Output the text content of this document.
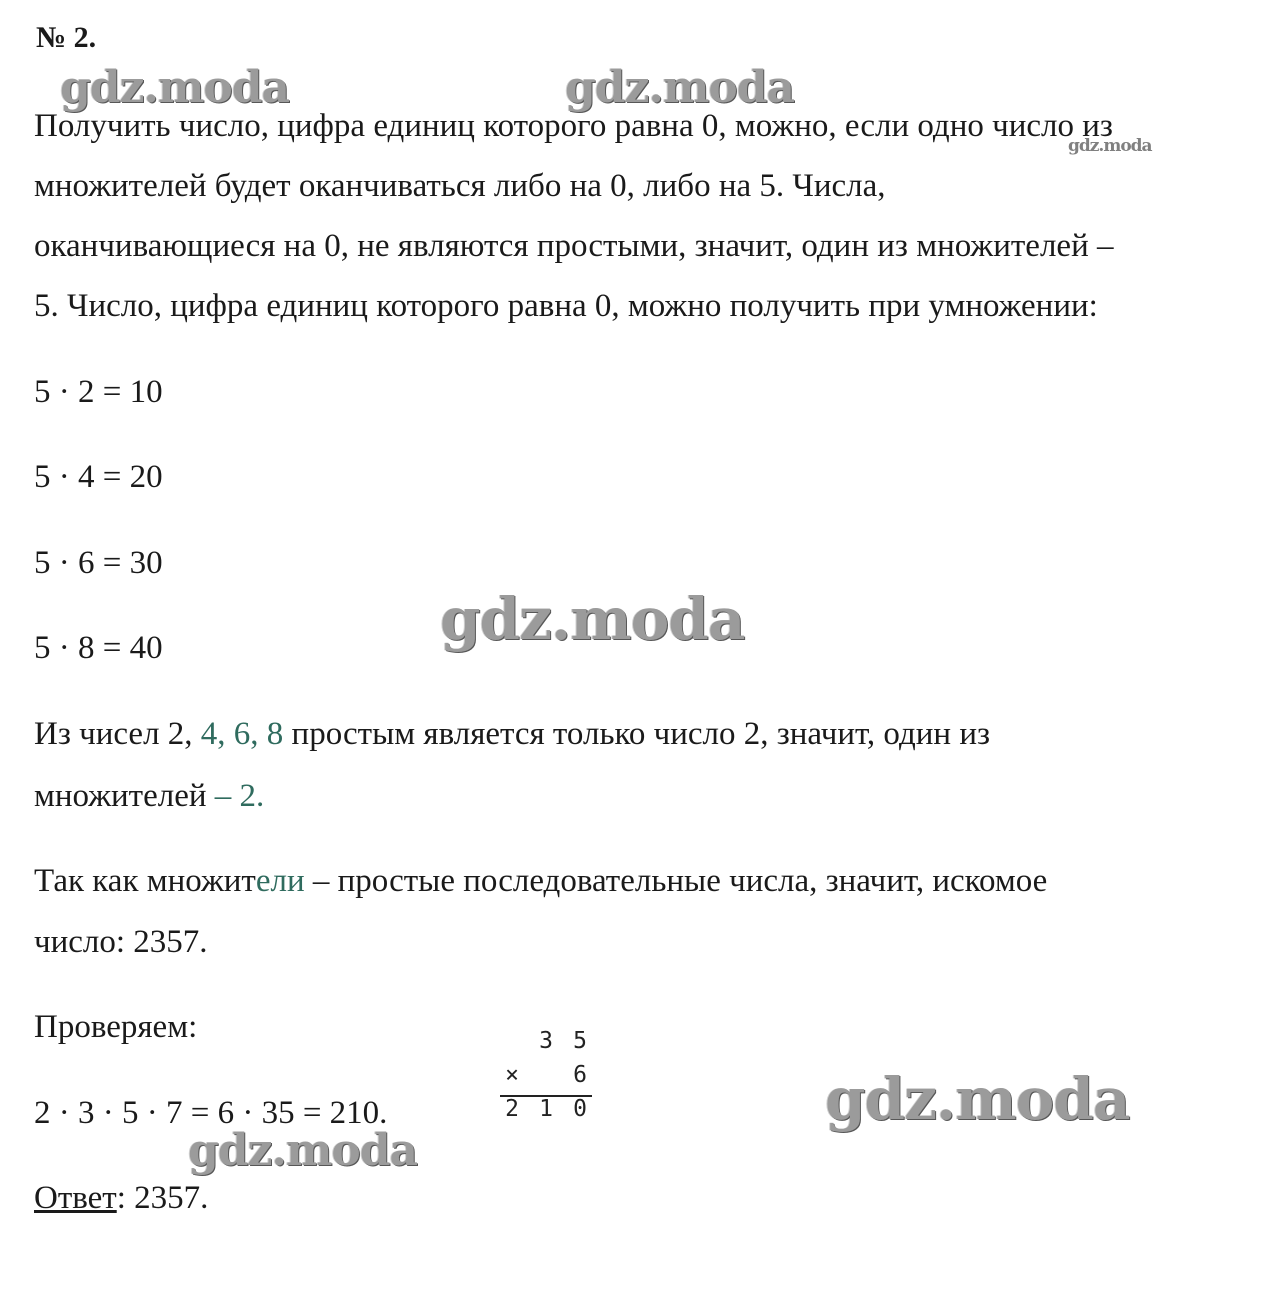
№ 2.
Получить число, цифра единиц которого равна 0, можно, если одно число из
множителей будет оканчиваться либо на 0, либо на 5. Числа,
оканчивающиеся на 0, не являются простыми, значит, один из множителей –
5. Число, цифра единиц которого равна 0, можно получить при умножении:
5 · 2 = 10
5 · 4 = 20
5 · 6 = 30
5 · 8 = 40
Из чисел 2, 4, 6, 8 простым является только число 2, значит, один из
множителей – 2.
Так как множители – простые последовательные числа, значит, искомое
число: 2357.
Проверяем:
2 · 3 · 5 · 7 = 6 · 35 = 210.
3 5
× 6
2 1 0
Ответ: 2357.
gdz.moda	gdz.moda
gdz.moda
gdz.moda
gdz.moda
gdz.moda
